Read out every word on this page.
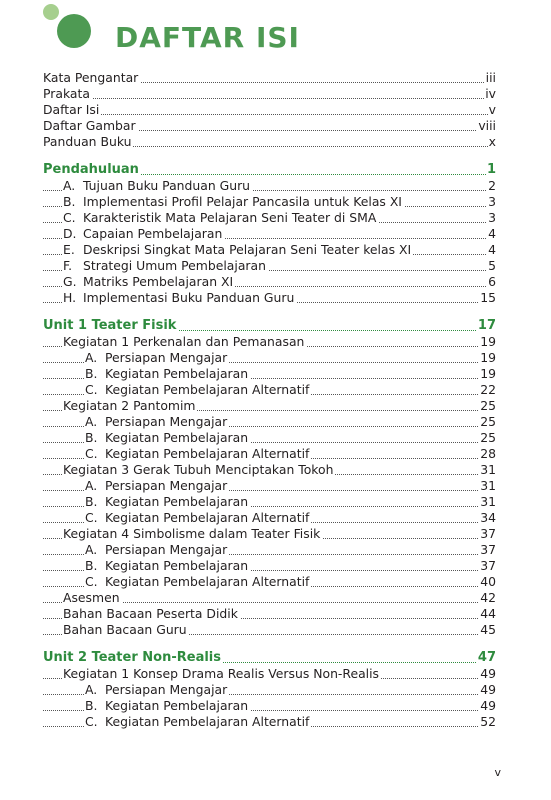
DAFTAR ISI
Kata Pengantar	iii
Prakata	iv
Daftar Isi	v
Daftar Gambar	viii
Panduan Buku	x
Pendahuluan	1
A. Tujuan Buku Panduan Guru	2
B. Implementasi Profil Pelajar Pancasila untuk Kelas XI	3
C. Karakteristik Mata Pelajaran Seni Teater di SMA	3
D. Capaian Pembelajaran	4
E. Deskripsi Singkat Mata Pelajaran Seni Teater kelas XI	4
F. Strategi Umum Pembelajaran	5
G. Matriks Pembelajaran XI	6
H. Implementasi Buku Panduan Guru	15
Unit 1 Teater Fisik	17
Kegiatan 1 Perkenalan dan Pemanasan	19
A. Persiapan Mengajar	19
B. Kegiatan Pembelajaran	19
C. Kegiatan Pembelajaran Alternatif	22
Kegiatan 2 Pantomim	25
A. Persiapan Mengajar	25
B. Kegiatan Pembelajaran	25
C. Kegiatan Pembelajaran Alternatif	28
Kegiatan 3 Gerak Tubuh Menciptakan Tokoh	31
A. Persiapan Mengajar	31
B. Kegiatan Pembelajaran	31
C. Kegiatan Pembelajaran Alternatif	34
Kegiatan 4 Simbolisme dalam Teater Fisik	37
A. Persiapan Mengajar	37
B. Kegiatan Pembelajaran	37
C. Kegiatan Pembelajaran Alternatif	40
Asesmen	42
Bahan Bacaan Peserta Didik	44
Bahan Bacaan Guru	45
Unit 2 Teater Non-Realis	47
Kegiatan 1 Konsep Drama Realis Versus Non-Realis	49
A. Persiapan Mengajar	49
B. Kegiatan Pembelajaran	49
C. Kegiatan Pembelajaran Alternatif	52
v
